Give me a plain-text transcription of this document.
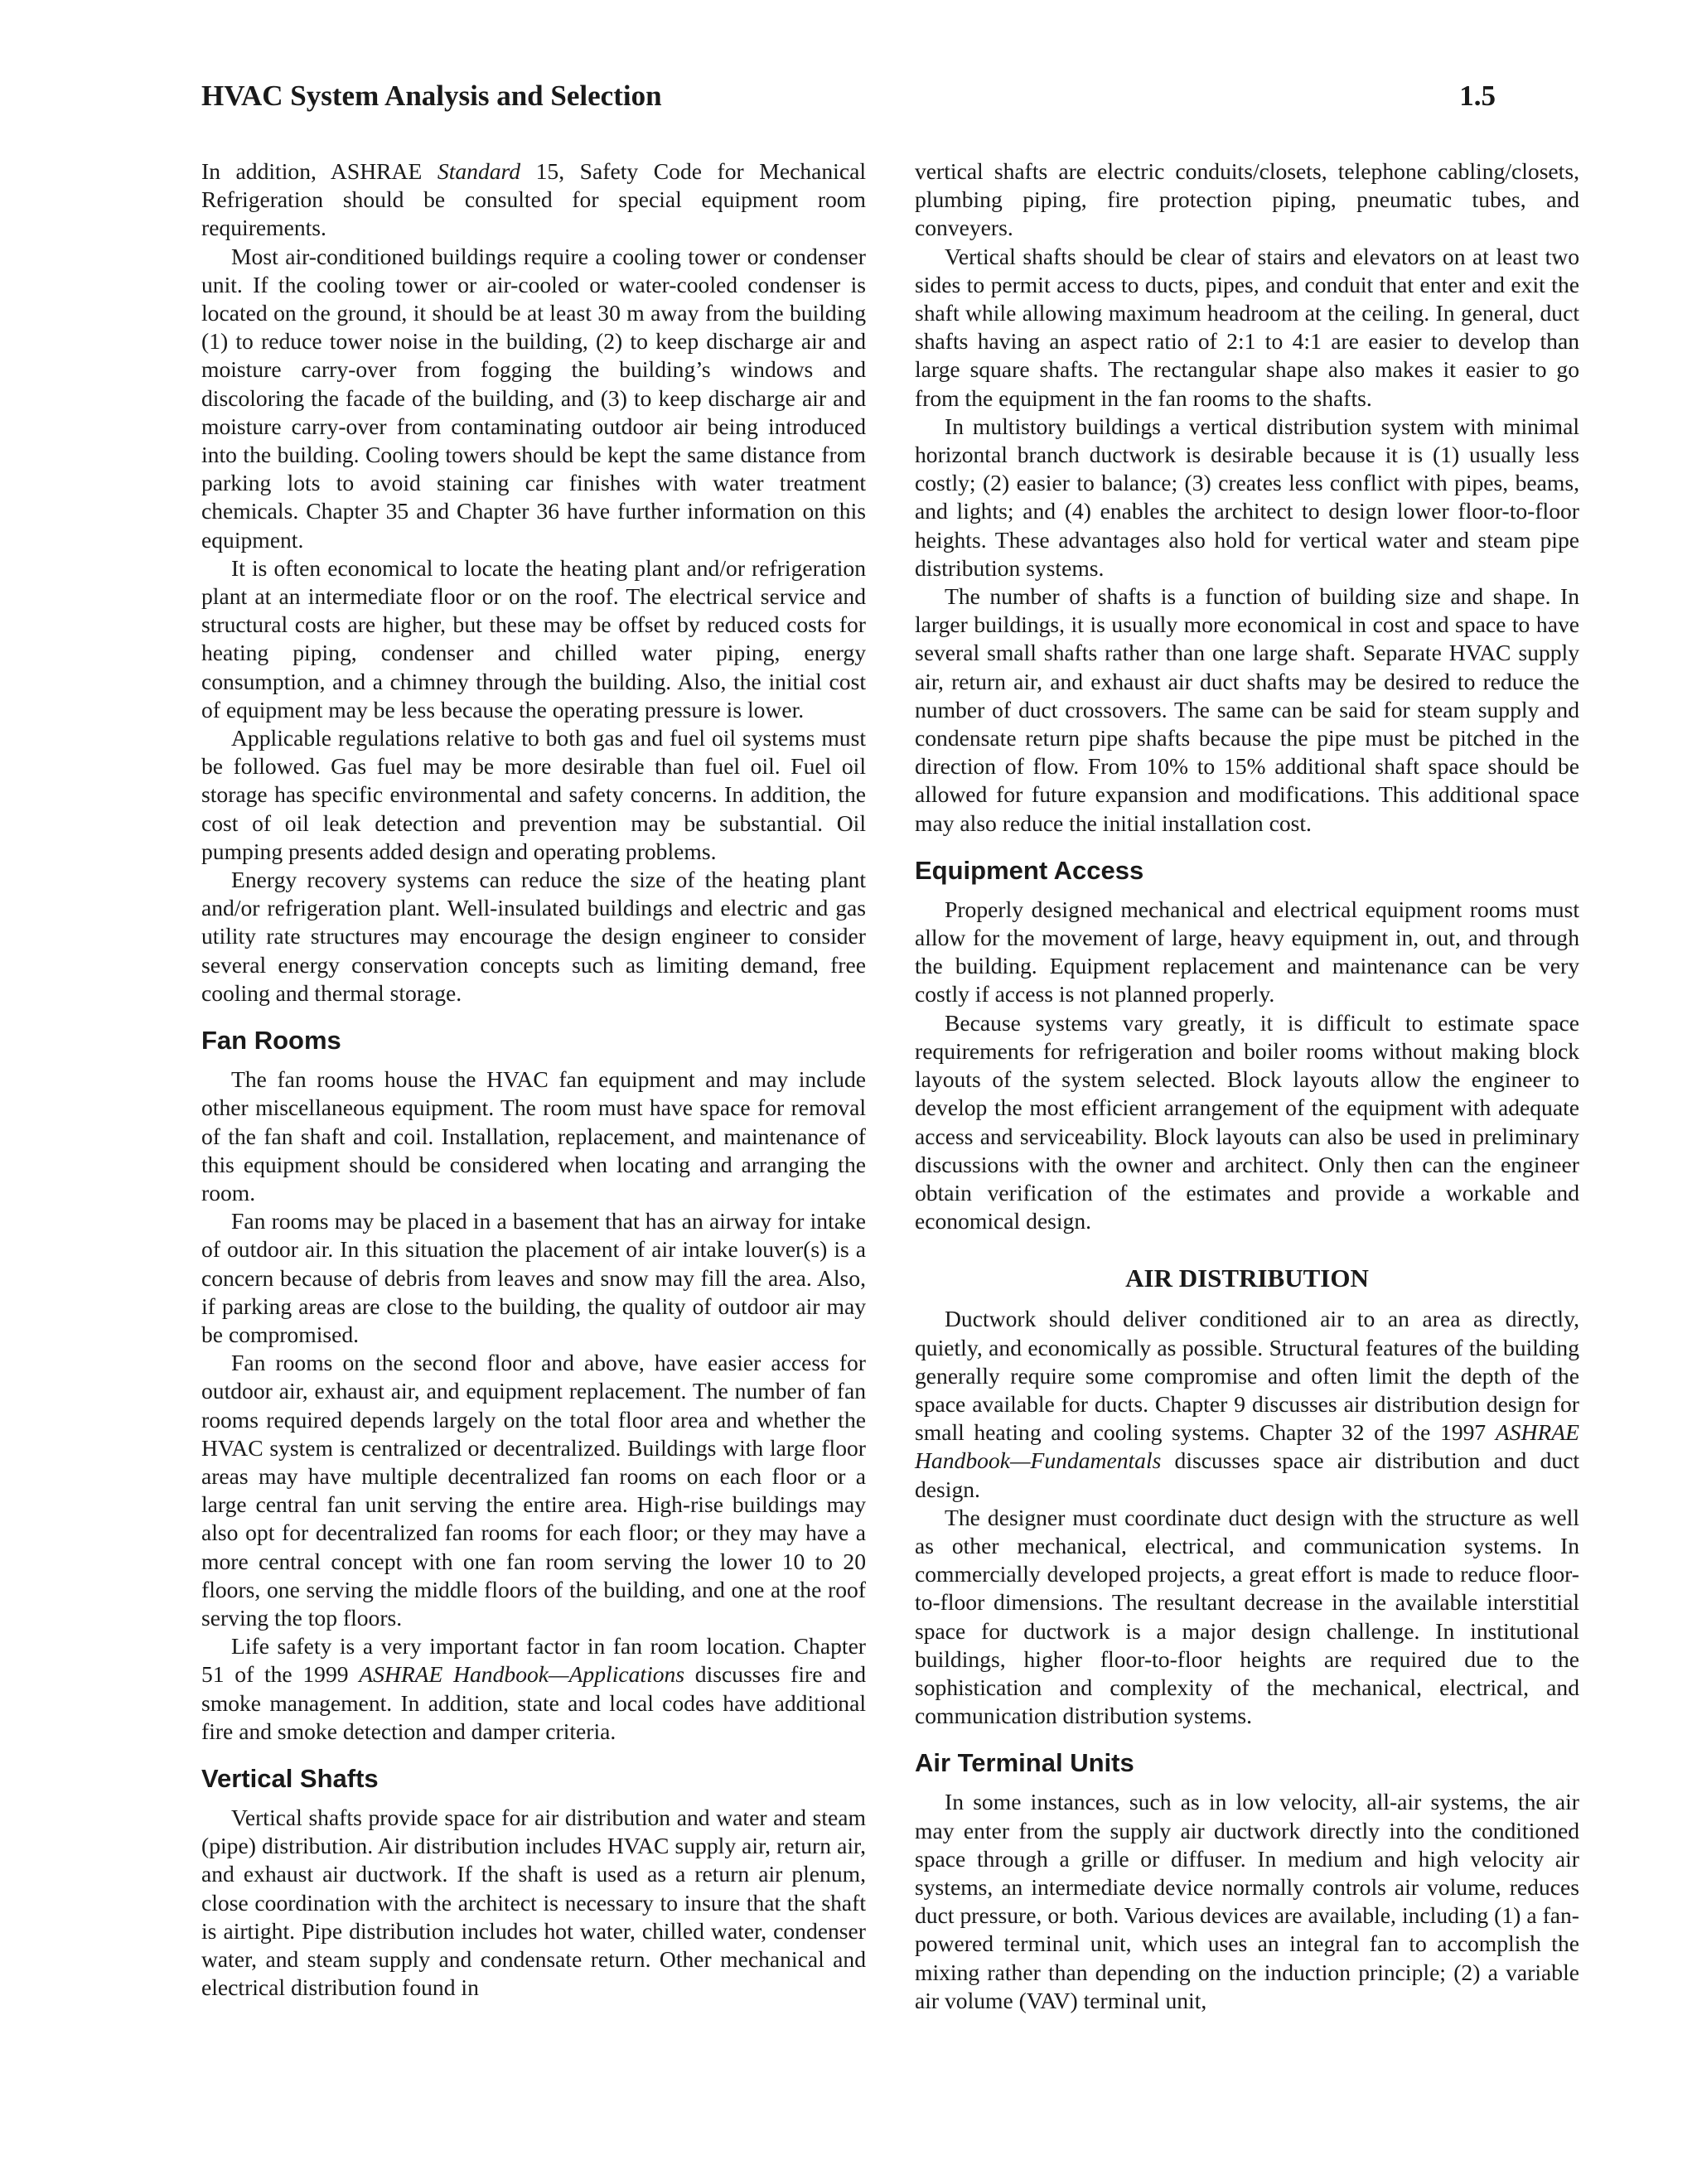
HVAC System Analysis and Selection	1.5

In addition, ASHRAE Standard 15, Safety Code for Mechanical Refrigeration should be consulted for special equipment room requirements.

Most air-conditioned buildings require a cooling tower or condenser unit. If the cooling tower or air-cooled or water-cooled condenser is located on the ground, it should be at least 30 m away from the building (1) to reduce tower noise in the building, (2) to keep discharge air and moisture carry-over from fogging the building’s windows and discoloring the facade of the building, and (3) to keep discharge air and moisture carry-over from contaminating outdoor air being introduced into the building. Cooling towers should be kept the same distance from parking lots to avoid staining car finishes with water treatment chemicals. Chapter 35 and Chapter 36 have further information on this equipment.

It is often economical to locate the heating plant and/or refrigeration plant at an intermediate floor or on the roof. The electrical service and structural costs are higher, but these may be offset by reduced costs for heating piping, condenser and chilled water piping, energy consumption, and a chimney through the building. Also, the initial cost of equipment may be less because the operating pressure is lower.

Applicable regulations relative to both gas and fuel oil systems must be followed. Gas fuel may be more desirable than fuel oil. Fuel oil storage has specific environmental and safety concerns. In addition, the cost of oil leak detection and prevention may be substantial. Oil pumping presents added design and operating problems.

Energy recovery systems can reduce the size of the heating plant and/or refrigeration plant. Well-insulated buildings and electric and gas utility rate structures may encourage the design engineer to consider several energy conservation concepts such as limiting demand, free cooling and thermal storage.

Fan Rooms

The fan rooms house the HVAC fan equipment and may include other miscellaneous equipment. The room must have space for removal of the fan shaft and coil. Installation, replacement, and maintenance of this equipment should be considered when locating and arranging the room.

Fan rooms may be placed in a basement that has an airway for intake of outdoor air. In this situation the placement of air intake louver(s) is a concern because of debris from leaves and snow may fill the area. Also, if parking areas are close to the building, the quality of outdoor air may be compromised.

Fan rooms on the second floor and above, have easier access for outdoor air, exhaust air, and equipment replacement. The number of fan rooms required depends largely on the total floor area and whether the HVAC system is centralized or decentralized. Buildings with large floor areas may have multiple decentralized fan rooms on each floor or a large central fan unit serving the entire area. High-rise buildings may also opt for decentralized fan rooms for each floor; or they may have a more central concept with one fan room serving the lower 10 to 20 floors, one serving the middle floors of the building, and one at the roof serving the top floors.

Life safety is a very important factor in fan room location. Chapter 51 of the 1999 ASHRAE Handbook—Applications discusses fire and smoke management. In addition, state and local codes have additional fire and smoke detection and damper criteria.

Vertical Shafts

Vertical shafts provide space for air distribution and water and steam (pipe) distribution. Air distribution includes HVAC supply air, return air, and exhaust air ductwork. If the shaft is used as a return air plenum, close coordination with the architect is necessary to insure that the shaft is airtight. Pipe distribution includes hot water, chilled water, condenser water, and steam supply and condensate return. Other mechanical and electrical distribution found in

vertical shafts are electric conduits/closets, telephone cabling/closets, plumbing piping, fire protection piping, pneumatic tubes, and conveyers.

Vertical shafts should be clear of stairs and elevators on at least two sides to permit access to ducts, pipes, and conduit that enter and exit the shaft while allowing maximum headroom at the ceiling. In general, duct shafts having an aspect ratio of 2:1 to 4:1 are easier to develop than large square shafts. The rectangular shape also makes it easier to go from the equipment in the fan rooms to the shafts.

In multistory buildings a vertical distribution system with minimal horizontal branch ductwork is desirable because it is (1) usually less costly; (2) easier to balance; (3) creates less conflict with pipes, beams, and lights; and (4) enables the architect to design lower floor-to-floor heights. These advantages also hold for vertical water and steam pipe distribution systems.

The number of shafts is a function of building size and shape. In larger buildings, it is usually more economical in cost and space to have several small shafts rather than one large shaft. Separate HVAC supply air, return air, and exhaust air duct shafts may be desired to reduce the number of duct crossovers. The same can be said for steam supply and condensate return pipe shafts because the pipe must be pitched in the direction of flow. From 10% to 15% additional shaft space should be allowed for future expansion and modifications. This additional space may also reduce the initial installation cost.

Equipment Access

Properly designed mechanical and electrical equipment rooms must allow for the movement of large, heavy equipment in, out, and through the building. Equipment replacement and maintenance can be very costly if access is not planned properly.

Because systems vary greatly, it is difficult to estimate space requirements for refrigeration and boiler rooms without making block layouts of the system selected. Block layouts allow the engineer to develop the most efficient arrangement of the equipment with adequate access and serviceability. Block layouts can also be used in preliminary discussions with the owner and architect. Only then can the engineer obtain verification of the estimates and provide a workable and economical design.

AIR DISTRIBUTION

Ductwork should deliver conditioned air to an area as directly, quietly, and economically as possible. Structural features of the building generally require some compromise and often limit the depth of the space available for ducts. Chapter 9 discusses air distribution design for small heating and cooling systems. Chapter 32 of the 1997 ASHRAE Handbook—Fundamentals discusses space air distribution and duct design.

The designer must coordinate duct design with the structure as well as other mechanical, electrical, and communication systems. In commercially developed projects, a great effort is made to reduce floor-to-floor dimensions. The resultant decrease in the available interstitial space for ductwork is a major design challenge. In institutional buildings, higher floor-to-floor heights are required due to the sophistication and complexity of the mechanical, electrical, and communication distribution systems.

Air Terminal Units

In some instances, such as in low velocity, all-air systems, the air may enter from the supply air ductwork directly into the conditioned space through a grille or diffuser. In medium and high velocity air systems, an intermediate device normally controls air volume, reduces duct pressure, or both. Various devices are available, including (1) a fan-powered terminal unit, which uses an integral fan to accomplish the mixing rather than depending on the induction principle; (2) a variable air volume (VAV) terminal unit,
